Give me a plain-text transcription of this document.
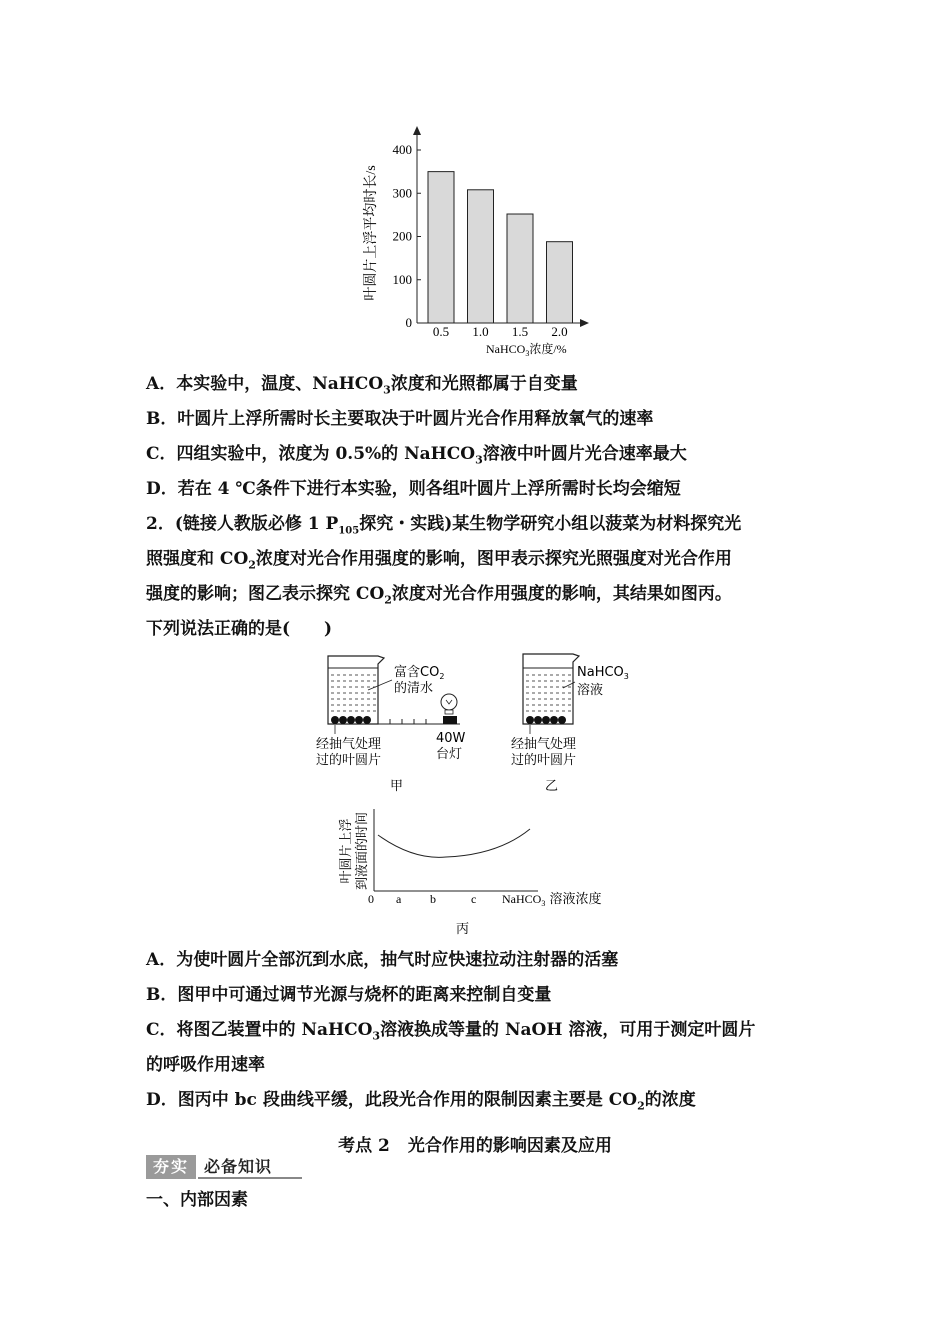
0
100
200
300
400
0.5 1.0 1.5 2.0
叶圆片上浮平均时长/s
NaHCO$_3$浓度/%
A．本实验中，温度、NaHCO$_3$浓度和光照都属于自变量
B．叶圆片上浮所需时长主要取决于叶圆片光合作用释放氧气的速率
C．四组实验中，浓度为 0.5%的 NaHCO$_3$溶液中叶圆片光合速率最大
D．若在 4 ℃条件下进行本实验，则各组叶圆片上浮所需时长均会缩短
2．(链接人教版必修 1 $P_{105}$探究・实践)某生物学研究小组以菠菜为材料探究光
照强度和 $CO_2$浓度对光合作用强度的影响，图甲表示探究光照强度对光合作用
强度的影响；图乙表示探究 $CO_2$浓度对光合作用强度的影响，其结果如图丙。
下列说法正确的是(　　)
富含$CO_2$
的清水
40W
台灯
经抽气处理
过的叶圆片
甲
NaHCO$_3$
溶液
经抽气处理
过的叶圆片
乙
叶圆片上浮 到液面的时间
0 a b	c NaHCO$_3$ 溶液浓度
丙
A．为使叶圆片全部沉到水底，抽气时应快速拉动注射器的活塞
B．图甲中可通过调节光源与烧杯的距离来控制自变量
C．将图乙装置中的 NaHCO$_3$溶液换成等量的 NaOH 溶液，可用于测定叶圆片
的呼吸作用速率
D．图丙中 bc 段曲线平缓，此段光合作用的限制因素主要是 $CO_2$的浓度
考点 2 光合作用的影响因素及应用
夯实 必备知识
一、内部因素
